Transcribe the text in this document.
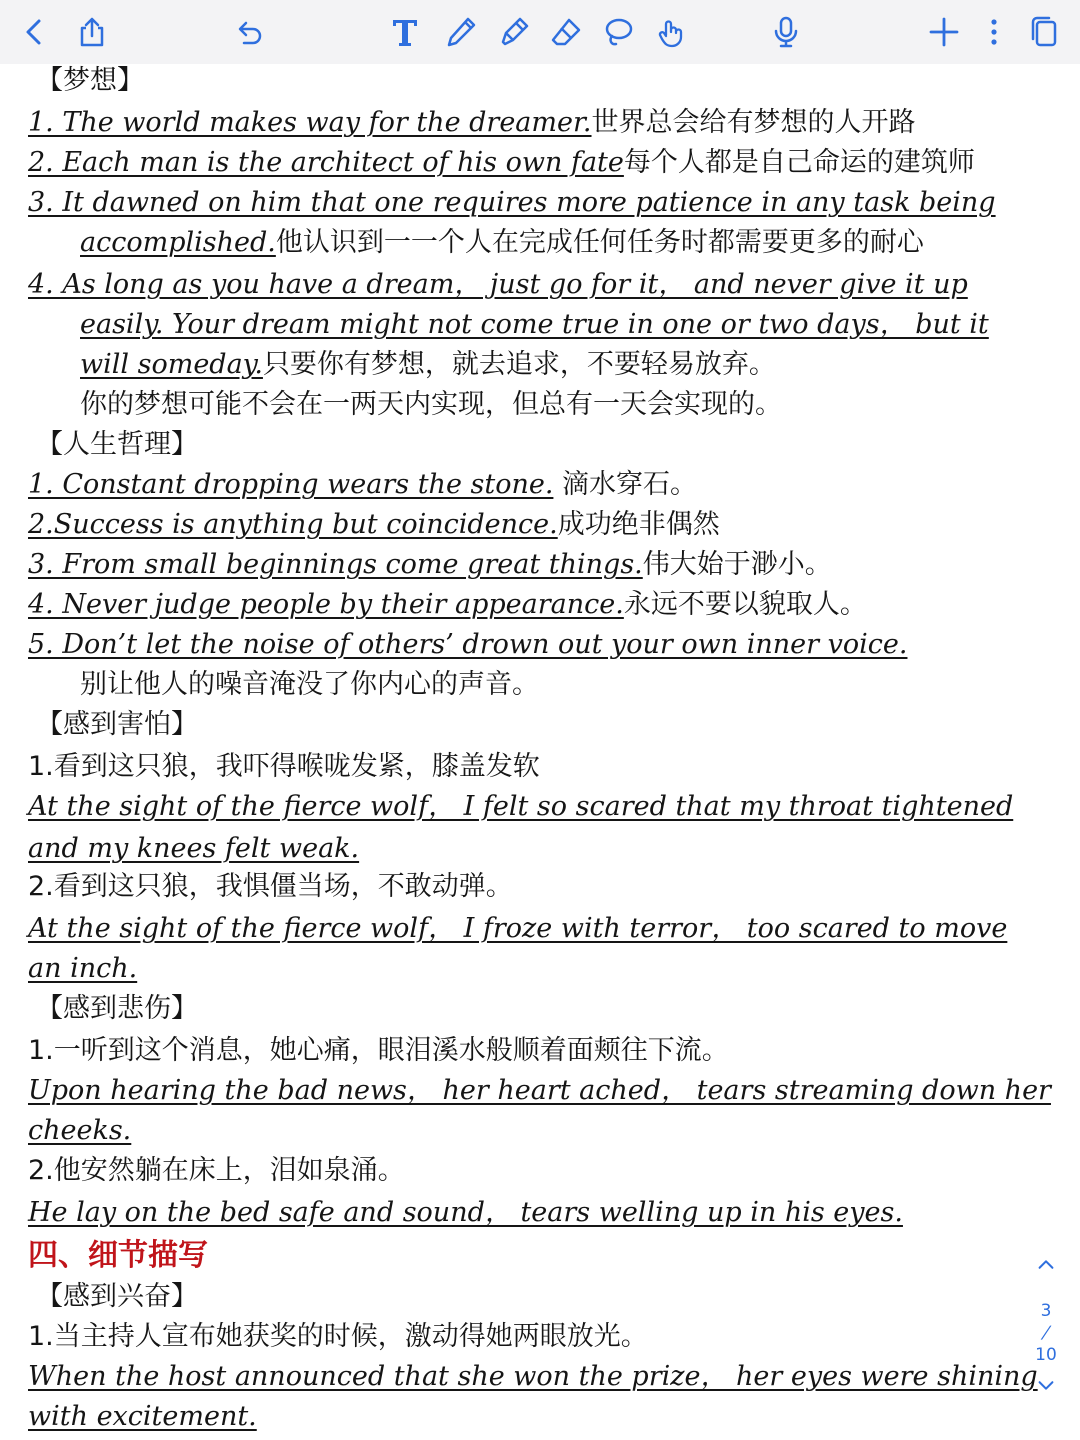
【梦想】
1. The world makes way for the dreamer.世界总会给有梦想的人开路
2. Each man is the architect of his own fate每个人都是自己命运的建筑师
3. It dawned on him that one requires more patience in any task being
accomplished.他认识到一一个人在完成任何任务时都需要更多的耐心
4. As long as you have a dream， just go for it， and never give it up
easily. Your dream might not come true in one or two days， but it
will someday.只要你有梦想，就去追求，不要轻易放弃。
你的梦想可能不会在一两天内实现，但总有一天会实现的。
【人生哲理】
1. Constant dropping wears the stone. 滴水穿石。
2.Success is anything but coincidence.成功绝非偶然
3. From small beginnings come great things.伟大始于渺小。
4. Never judge people by their appearance.永远不要以貌取人。
5. Don’t let the noise of others’ drown out your own inner voice.
别让他人的噪音淹没了你内心的声音。
【感到害怕】
1.看到这只狼，我吓得喉咙发紧，膝盖发软
At the sight of the fierce wolf， I felt so scared that my throat tightened
and my knees felt weak.
2.看到这只狼，我惧僵当场，不敢动弹。
At the sight of the fierce wolf， I froze with terror， too scared to move
an inch.
【感到悲伤】
1.一听到这个消息，她心痛，眼泪溪水般顺着面颊往下流。
Upon hearing the bad news， her heart ached， tears streaming down her
cheeks.
2.他安然躺在床上，泪如泉涌。
He lay on the bed safe and sound， tears welling up in his eyes.
四、细节描写
【感到兴奋】
1.当主持人宣布她获奖的时候，激动得她两眼放光。
When the host announced that she won the prize， her eyes were shining
with excitement.
3
/
10
